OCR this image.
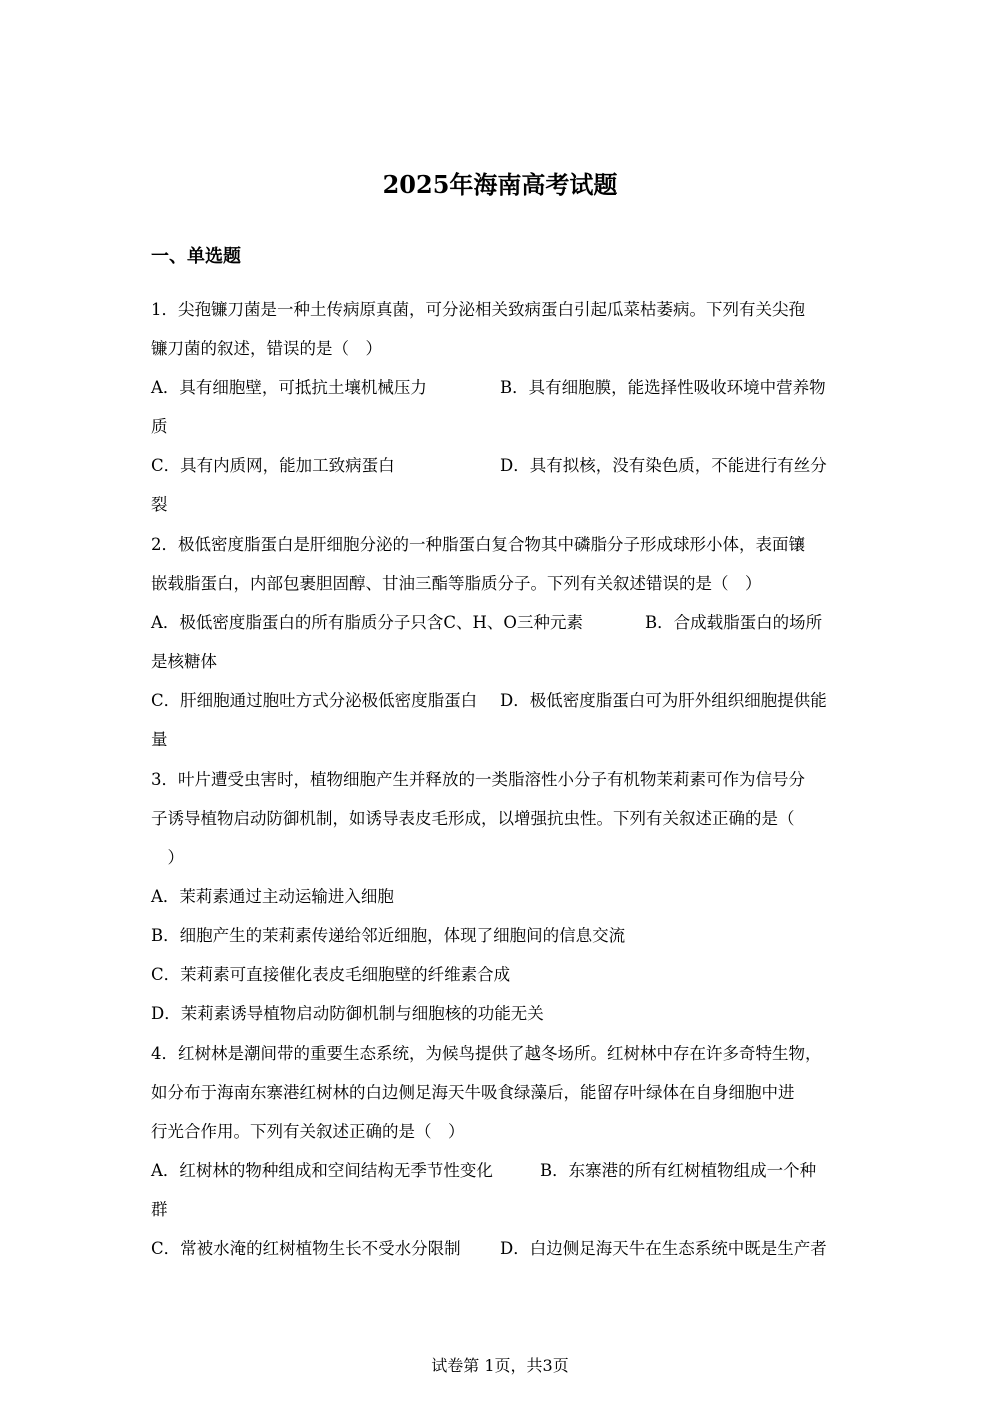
2025年海南高考试题
一、单选题
1．尖孢镰刀菌是一种土传病原真菌，可分泌相关致病蛋白引起瓜菜枯萎病。下列有关尖孢
镰刀菌的叙述，错误的是（　）
A．具有细胞壁，可抵抗土壤机械压力	B．具有细胞膜，能选择性吸收环境中营养物
质
C．具有内质网，能加工致病蛋白	D．具有拟核，没有染色质，不能进行有丝分
裂
2．极低密度脂蛋白是肝细胞分泌的一种脂蛋白复合物其中磷脂分子形成球形小体，表面镶
嵌载脂蛋白，内部包裹胆固醇、甘油三酯等脂质分子。下列有关叙述错误的是（　）
A．极低密度脂蛋白的所有脂质分子只含C、H、O三种元素	B．合成载脂蛋白的场所
是核糖体
C．肝细胞通过胞吐方式分泌极低密度脂蛋白 D．极低密度脂蛋白可为肝外组织细胞提供能
量
3．叶片遭受虫害时，植物细胞产生并释放的一类脂溶性小分子有机物茉莉素可作为信号分
子诱导植物启动防御机制，如诱导表皮毛形成，以增强抗虫性。下列有关叙述正确的是（
　）
A．茉莉素通过主动运输进入细胞
B．细胞产生的茉莉素传递给邻近细胞，体现了细胞间的信息交流
C．茉莉素可直接催化表皮毛细胞壁的纤维素合成
D．茉莉素诱导植物启动防御机制与细胞核的功能无关
4．红树林是潮间带的重要生态系统，为候鸟提供了越冬场所。红树林中存在许多奇特生物，
如分布于海南东寨港红树林的白边侧足海天牛吸食绿藻后，能留存叶绿体在自身细胞中进
行光合作用。下列有关叙述正确的是（　）
A．红树林的物种组成和空间结构无季节性变化	B．东寨港的所有红树植物组成一个种
群
C．常被水淹的红树植物生长不受水分限制 D．白边侧足海天牛在生态系统中既是生产者
试卷第 1页，共3页
